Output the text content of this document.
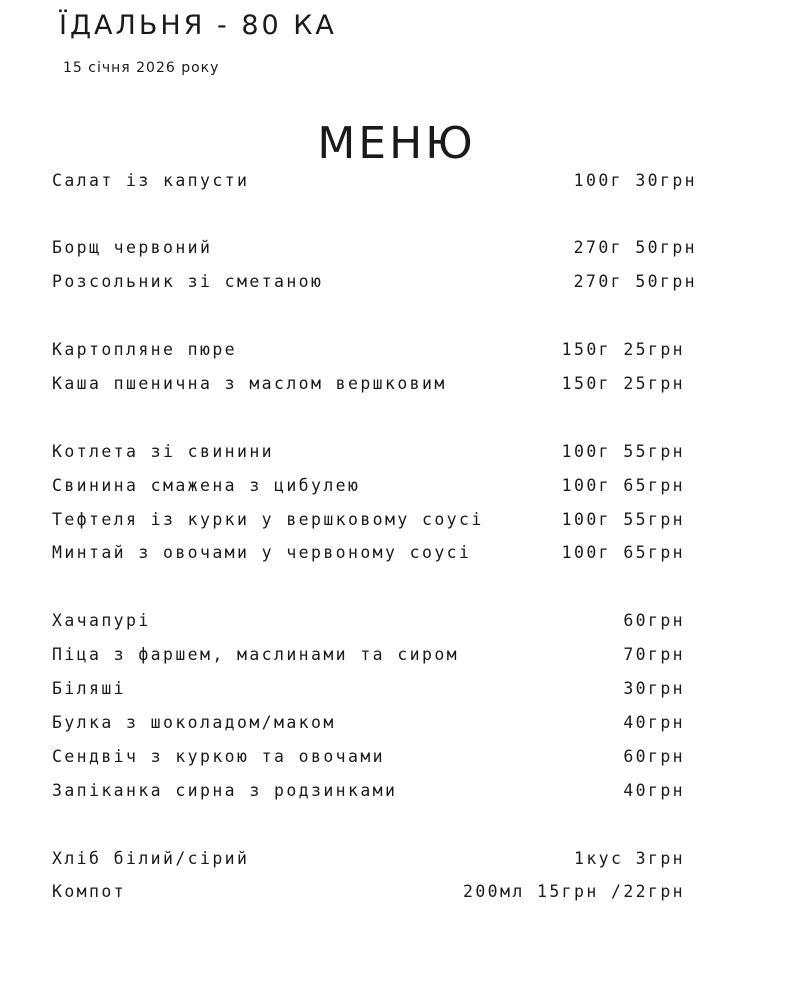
ЇДАЛЬНЯ - 80 КА
15 січня 2026 року
МЕНЮ
Салат із капусти	100г 30грн
Борщ червоний	270г 50грн
Розсольник зі сметаною	270г 50грн
Картопляне пюре	150г 25грн
Каша пшенична з маслом вершковим	150г 25грн
Котлета зі свинини	100г 55грн
Свинина смажена з цибулею	100г 65грн
Тефтеля із курки у вершковому соусі	100г 55грн
Минтай з овочами у червоному соусі	100г 65грн
Хачапурі	60грн
Піца з фаршем, маслинами та сиром	70грн
Біляші	30грн
Булка з шоколадом/маком	40грн
Сендвіч з куркою та овочами	60грн
Запіканка сирна з родзинками	40грн
Хліб білий/сірий	1кус 3грн
Компот	200мл 15грн /22грн
